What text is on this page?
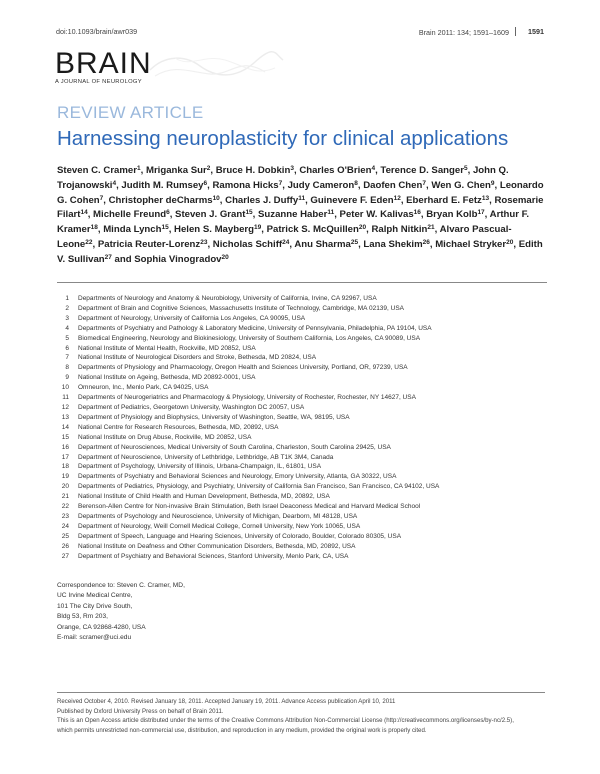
doi:10.1093/brain/awr039	Brain 2011: 134; 1591–1609	1591
BRAIN
A JOURNAL OF NEUROLOGY
REVIEW ARTICLE
Harnessing neuroplasticity for clinical applications
Steven C. Cramer$^1$, Mriganka Sur$^2$, Bruce H. Dobkin$^3$, Charles O'Brien$^4$, Terence D. Sanger$^5$, John Q. Trojanowski$^4$, Judith M. Rumsey$^6$, Ramona Hicks$^7$, Judy Cameron$^8$, Daofen Chen$^7$, Wen G. Chen$^9$, Leonardo G. Cohen$^7$, Christopher deCharms$^{10}$, Charles J. Duffy$^{11}$, Guinevere F. Eden$^{12}$, Eberhard E. Fetz$^{13}$, Rosemarie Filart$^{14}$, Michelle Freund$^6$, Steven J. Grant$^{15}$, Suzanne Haber$^{11}$, Peter W. Kalivas$^{16}$, Bryan Kolb$^{17}$, Arthur F. Kramer$^{18}$, Minda Lynch$^{15}$, Helen S. Mayberg$^{19}$, Patrick S. McQuillen$^{20}$, Ralph Nitkin$^{21}$, Alvaro Pascual-Leone$^{22}$, Patricia Reuter-Lorenz$^{23}$, Nicholas Schiff$^{24}$, Anu Sharma$^{25}$, Lana Shekim$^{26}$, Michael Stryker$^{20}$, Edith V. Sullivan$^{27}$ and Sophia Vinogradov$^{20}$
1 Departments of Neurology and Anatomy & Neurobiology, University of California, Irvine, CA 92967, USA
2 Department of Brain and Cognitive Sciences, Massachusetts Institute of Technology, Cambridge, MA 02139, USA
3 Department of Neurology, University of California Los Angeles, CA 90095, USA
4 Departments of Psychiatry and Pathology & Laboratory Medicine, University of Pennsylvania, Philadelphia, PA 19104, USA
5 Biomedical Engineering, Neurology and Biokinesiology, University of Southern California, Los Angeles, CA 90089, USA
6 National Institute of Mental Health, Rockville, MD 20852, USA
7 National Institute of Neurological Disorders and Stroke, Bethesda, MD 20824, USA
8 Departments of Physiology and Pharmacology, Oregon Health and Sciences University, Portland, OR, 97239, USA
9 National Institute on Ageing, Bethesda, MD 20892-0001, USA
10 Omneuron, Inc., Menlo Park, CA 94025, USA
11 Departments of Neurogeriatrics and Pharmacology & Physiology, University of Rochester, Rochester, NY 14627, USA
12 Department of Pediatrics, Georgetown University, Washington DC 20057, USA
13 Department of Physiology and Biophysics, University of Washington, Seattle, WA, 98195, USA
14 National Centre for Research Resources, Bethesda, MD, 20892, USA
15 National Institute on Drug Abuse, Rockville, MD 20852, USA
16 Department of Neurosciences, Medical University of South Carolina, Charleston, South Carolina 29425, USA
17 Department of Neuroscience, University of Lethbridge, Lethbridge, AB T1K 3M4, Canada
18 Department of Psychology, University of Illinois, Urbana-Champaign, IL, 61801, USA
19 Departments of Psychiatry and Behavioral Sciences and Neurology, Emory University, Atlanta, GA 30322, USA
20 Departments of Pediatrics, Physiology, and Psychiatry, University of California San Francisco, San Francisco, CA 94102, USA
21 National Institute of Child Health and Human Development, Bethesda, MD, 20892, USA
22 Berenson-Allen Centre for Non-invasive Brain Stimulation, Beth Israel Deaconess Medical and Harvard Medical School
23 Departments of Psychology and Neuroscience, University of Michigan, Dearborn, MI 48128, USA
24 Department of Neurology, Weill Cornell Medical College, Cornell University, New York 10065, USA
25 Department of Speech, Language and Hearing Sciences, University of Colorado, Boulder, Colorado 80305, USA
26 National Institute on Deafness and Other Communication Disorders, Bethesda, MD, 20892, USA
27 Department of Psychiatry and Behavioral Sciences, Stanford University, Menlo Park, CA, USA
Correspondence to: Steven C. Cramer, MD,
UC Irvine Medical Centre,
101 The City Drive South,
Bldg 53, Rm 203,
Orange, CA 92868-4280, USA
E-mail: scramer@uci.edu
Received October 4, 2010. Revised January 18, 2011. Accepted January 19, 2011. Advance Access publication April 10, 2011
Published by Oxford University Press on behalf of Brain 2011.
This is an Open Access article distributed under the terms of the Creative Commons Attribution Non-Commercial License (http://creativecommons.org/licenses/by-nc/2.5),
which permits unrestricted non-commercial use, distribution, and reproduction in any medium, provided the original work is properly cited.
